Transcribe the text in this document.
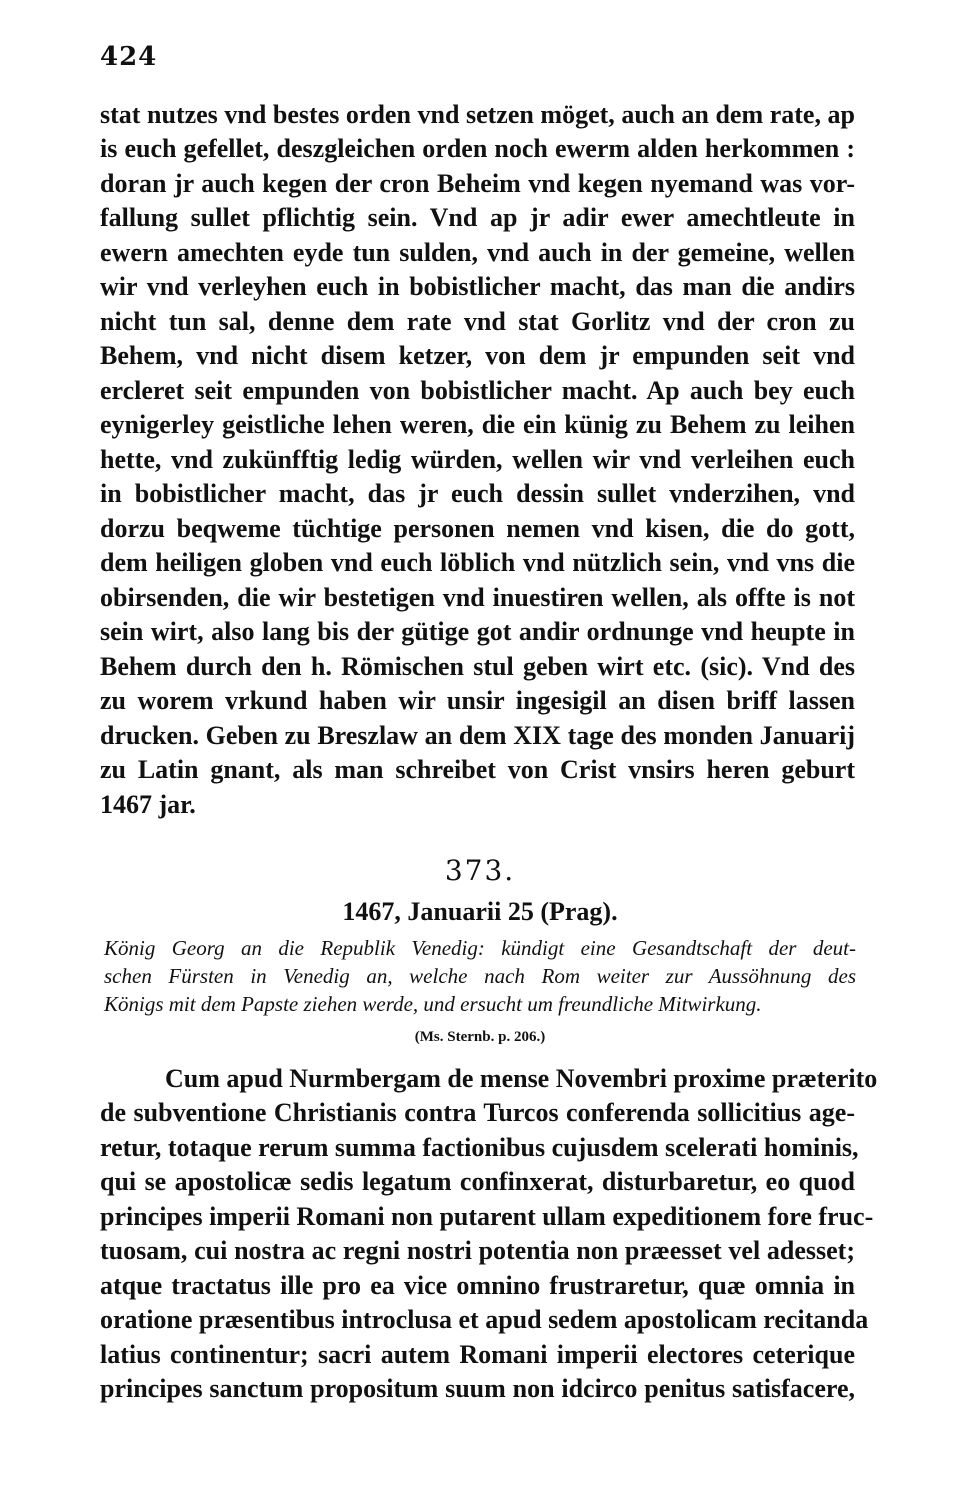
424
stat nutzes vnd bestes orden vnd setzen möget, auch an dem rate, ap
is euch gefellet, deszgleichen orden noch ewerm alden herkommen :
doran jr auch kegen der cron Beheim vnd kegen nyemand was vor-
fallung sullet pflichtig sein. Vnd ap jr adir ewer amechtleute in
ewern amechten eyde tun sulden, vnd auch in der gemeine, wellen
wir vnd verleyhen euch in bobistlicher macht, das man die andirs
nicht tun sal, denne dem rate vnd stat Gorlitz vnd der cron zu
Behem, vnd nicht disem ketzer, von dem jr empunden seit vnd
ercleret seit empunden von bobistlicher macht. Ap auch bey euch
eynigerley geistliche lehen weren, die ein künig zu Behem zu leihen
hette, vnd zukünfftig ledig würden, wellen wir vnd verleihen euch
in bobistlicher macht, das jr euch dessin sullet vnderzihen, vnd
dorzu beqweme tüchtige personen nemen vnd kisen, die do gott,
dem heiligen globen vnd euch löblich vnd nützlich sein, vnd vns die
obirsenden, die wir bestetigen vnd inuestiren wellen, als offte is not
sein wirt, also lang bis der gütige got andir ordnunge vnd heupte in
Behem durch den h. Römischen stul geben wirt etc. (sic). Vnd des
zu worem vrkund haben wir unsir ingesigil an disen briff lassen
drucken. Geben zu Breszlaw an dem XIX tage des monden Januarij
zu Latin gnant, als man schreibet von Crist vnsirs heren geburt
1467 jar.
373.
1467, Januarii 25 (Prag).
König Georg an die Republik Venedig: kündigt eine Gesandtschaft der deut-
schen Fürsten in Venedig an, welche nach Rom weiter zur Aussöhnung des
Königs mit dem Papste ziehen werde, und ersucht um freundliche Mitwirkung.
(Ms. Sternb. p. 206.)
Cum apud Nurmbergam de mense Novembri proxime præterito
de subventione Christianis contra Turcos conferenda sollicitius age-
retur, totaque rerum summa factionibus cujusdem scelerati hominis,
qui se apostolicæ sedis legatum confinxerat, disturbaretur, eo quod
principes imperii Romani non putarent ullam expeditionem fore fruc-
tuosam, cui nostra ac regni nostri potentia non præesset vel adesset;
atque tractatus ille pro ea vice omnino frustraretur, quæ omnia in
oratione præsentibus introclusa et apud sedem apostolicam recitanda
latius continentur; sacri autem Romani imperii electores ceterique
principes sanctum propositum suum non idcirco penitus satisfacere,
